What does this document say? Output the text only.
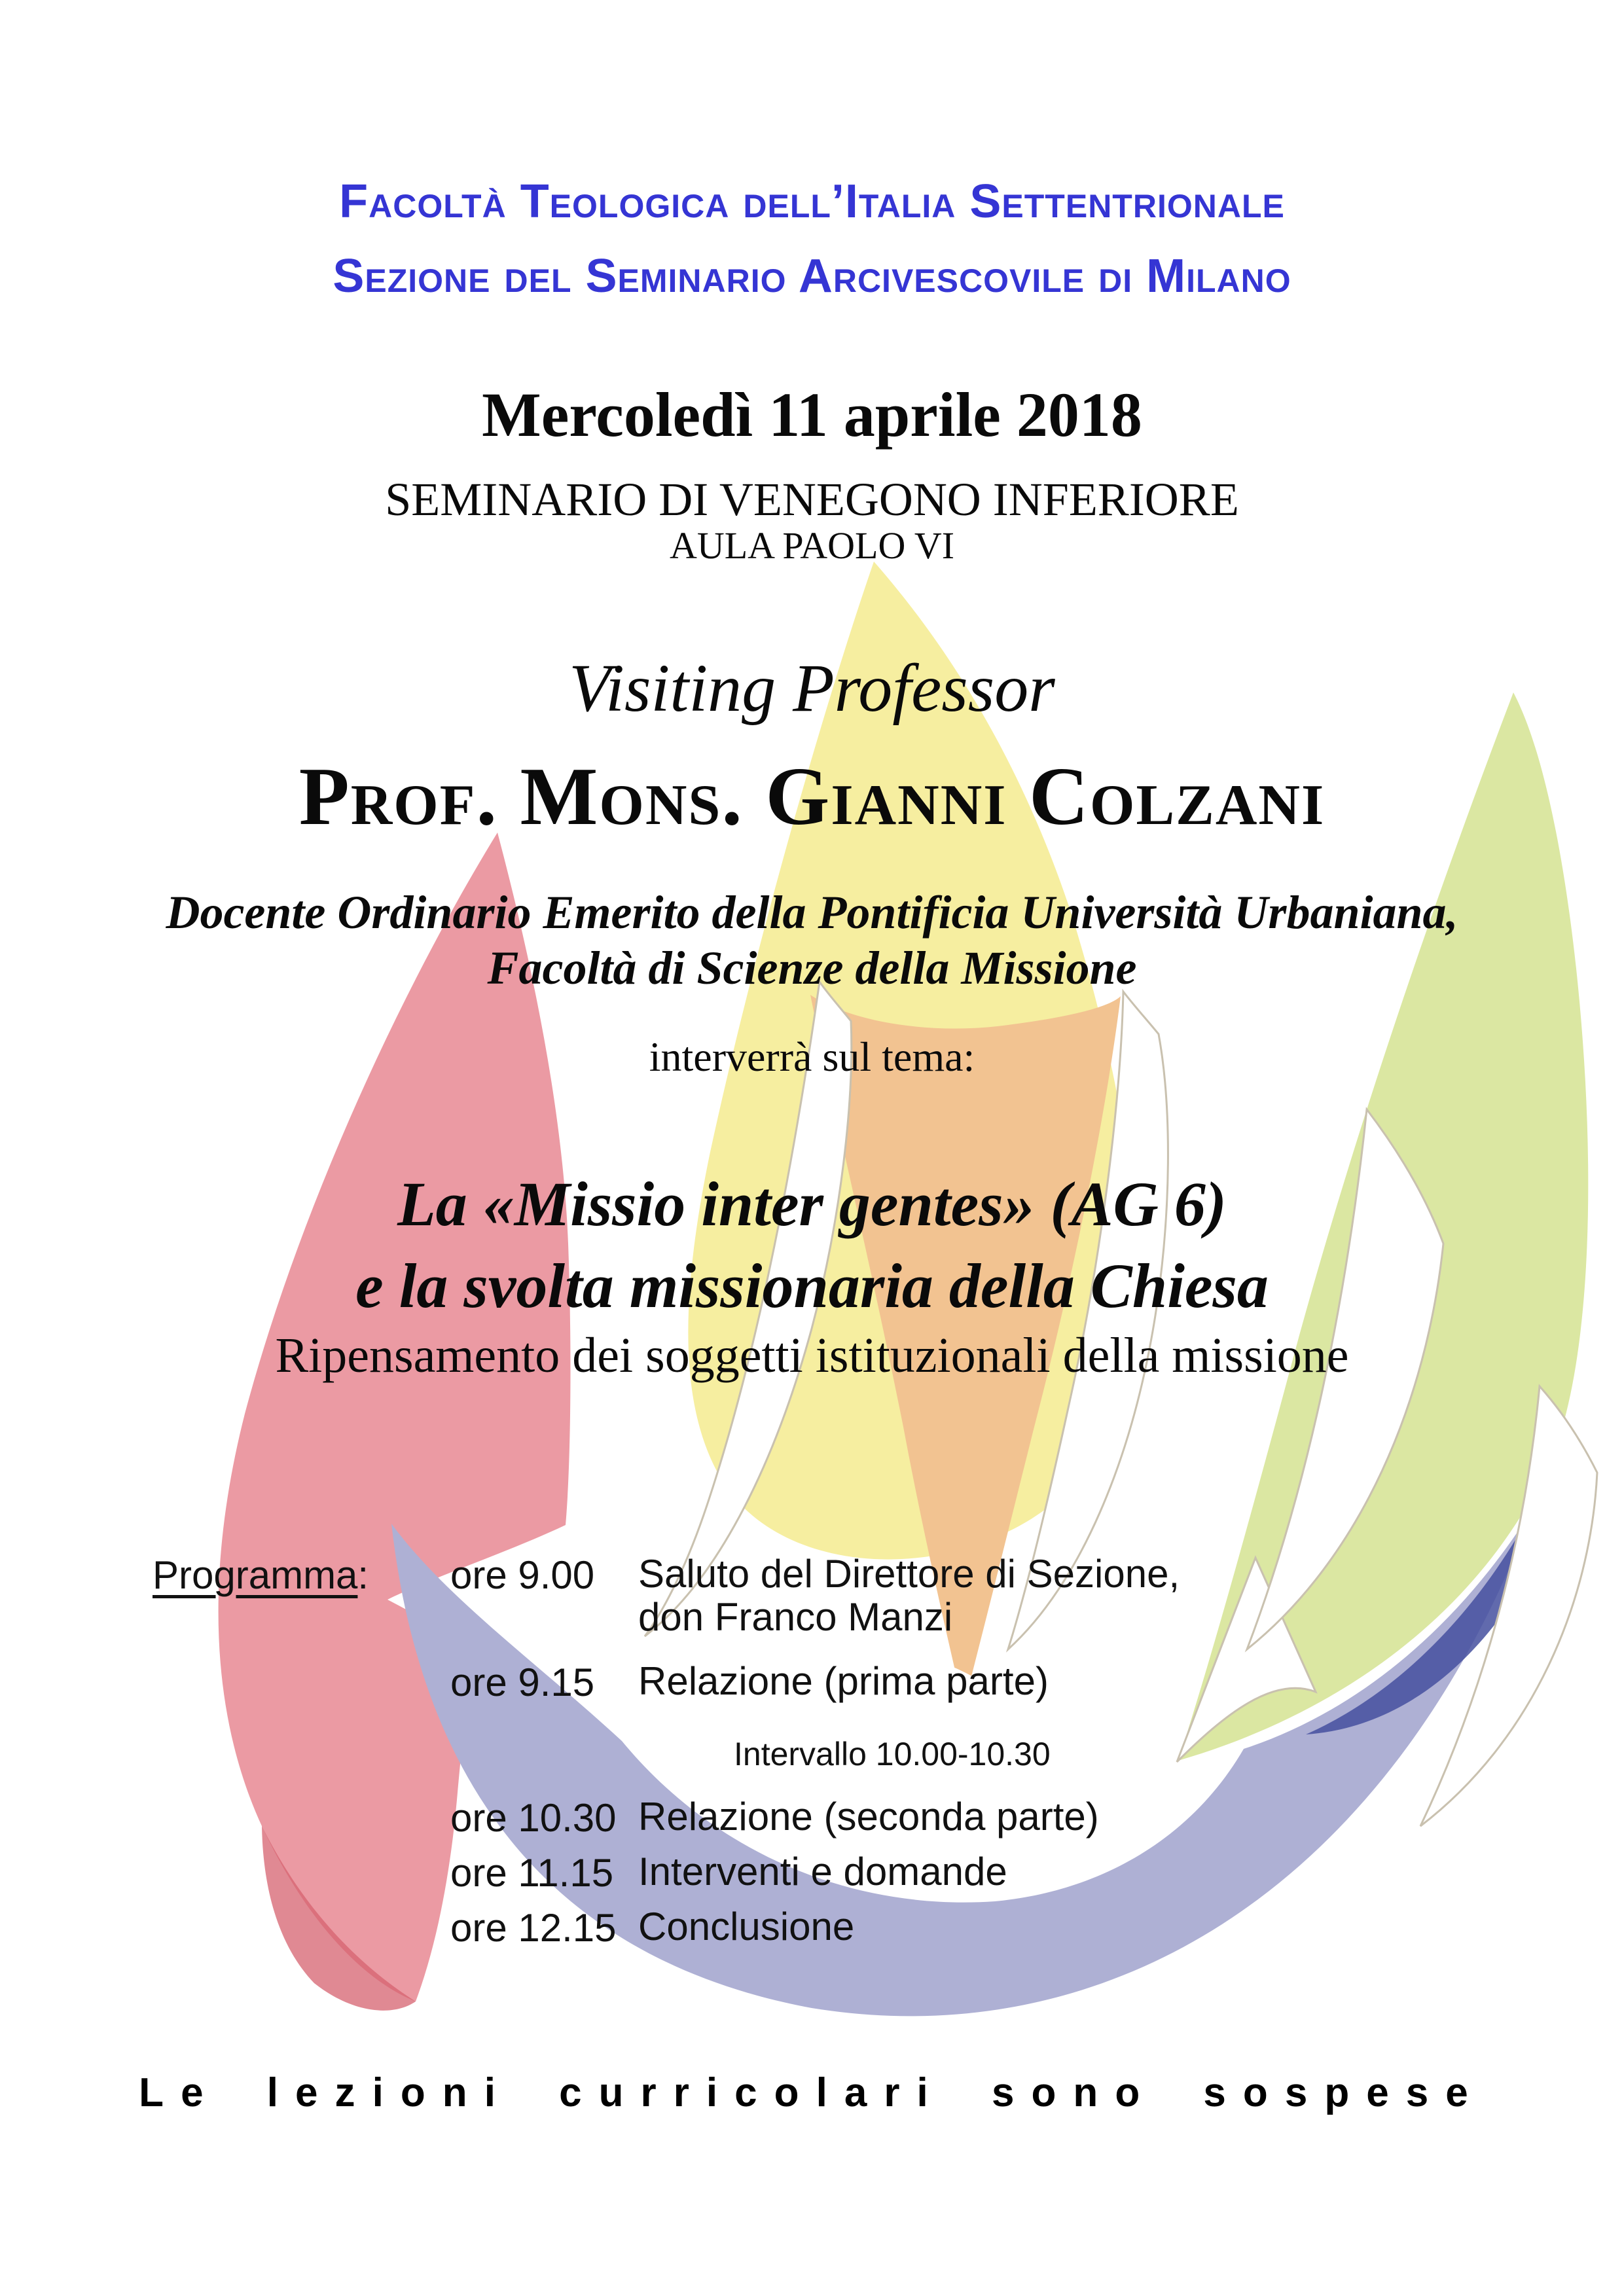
Facoltà Teologica dell’Italia Settentrionale
Sezione del Seminario Arcivescovile di Milano
Mercoledì 11 aprile 2018
SEMINARIO DI VENEGONO INFERIORE
AULA PAOLO VI
Visiting Professor
Prof. Mons. Gianni Colzani
Docente Ordinario Emerito della Pontificia Università Urbaniana,
Facoltà di Scienze della Missione
interverrà sul tema:
La «Missio inter gentes» (AG 6)
e la svolta missionaria della Chiesa
Ripensamento dei soggetti istituzionali della missione
Programma: ore 9.00 Saluto del Direttore di Sezione,
don Franco Manzi
ore 9.15 Relazione (prima parte)
Intervallo 10.00-10.30
ore 10.30 Relazione (seconda parte)
ore 11.15 Interventi e domande
ore 12.15 Conclusione
Le lezioni curricolari sono sospese
